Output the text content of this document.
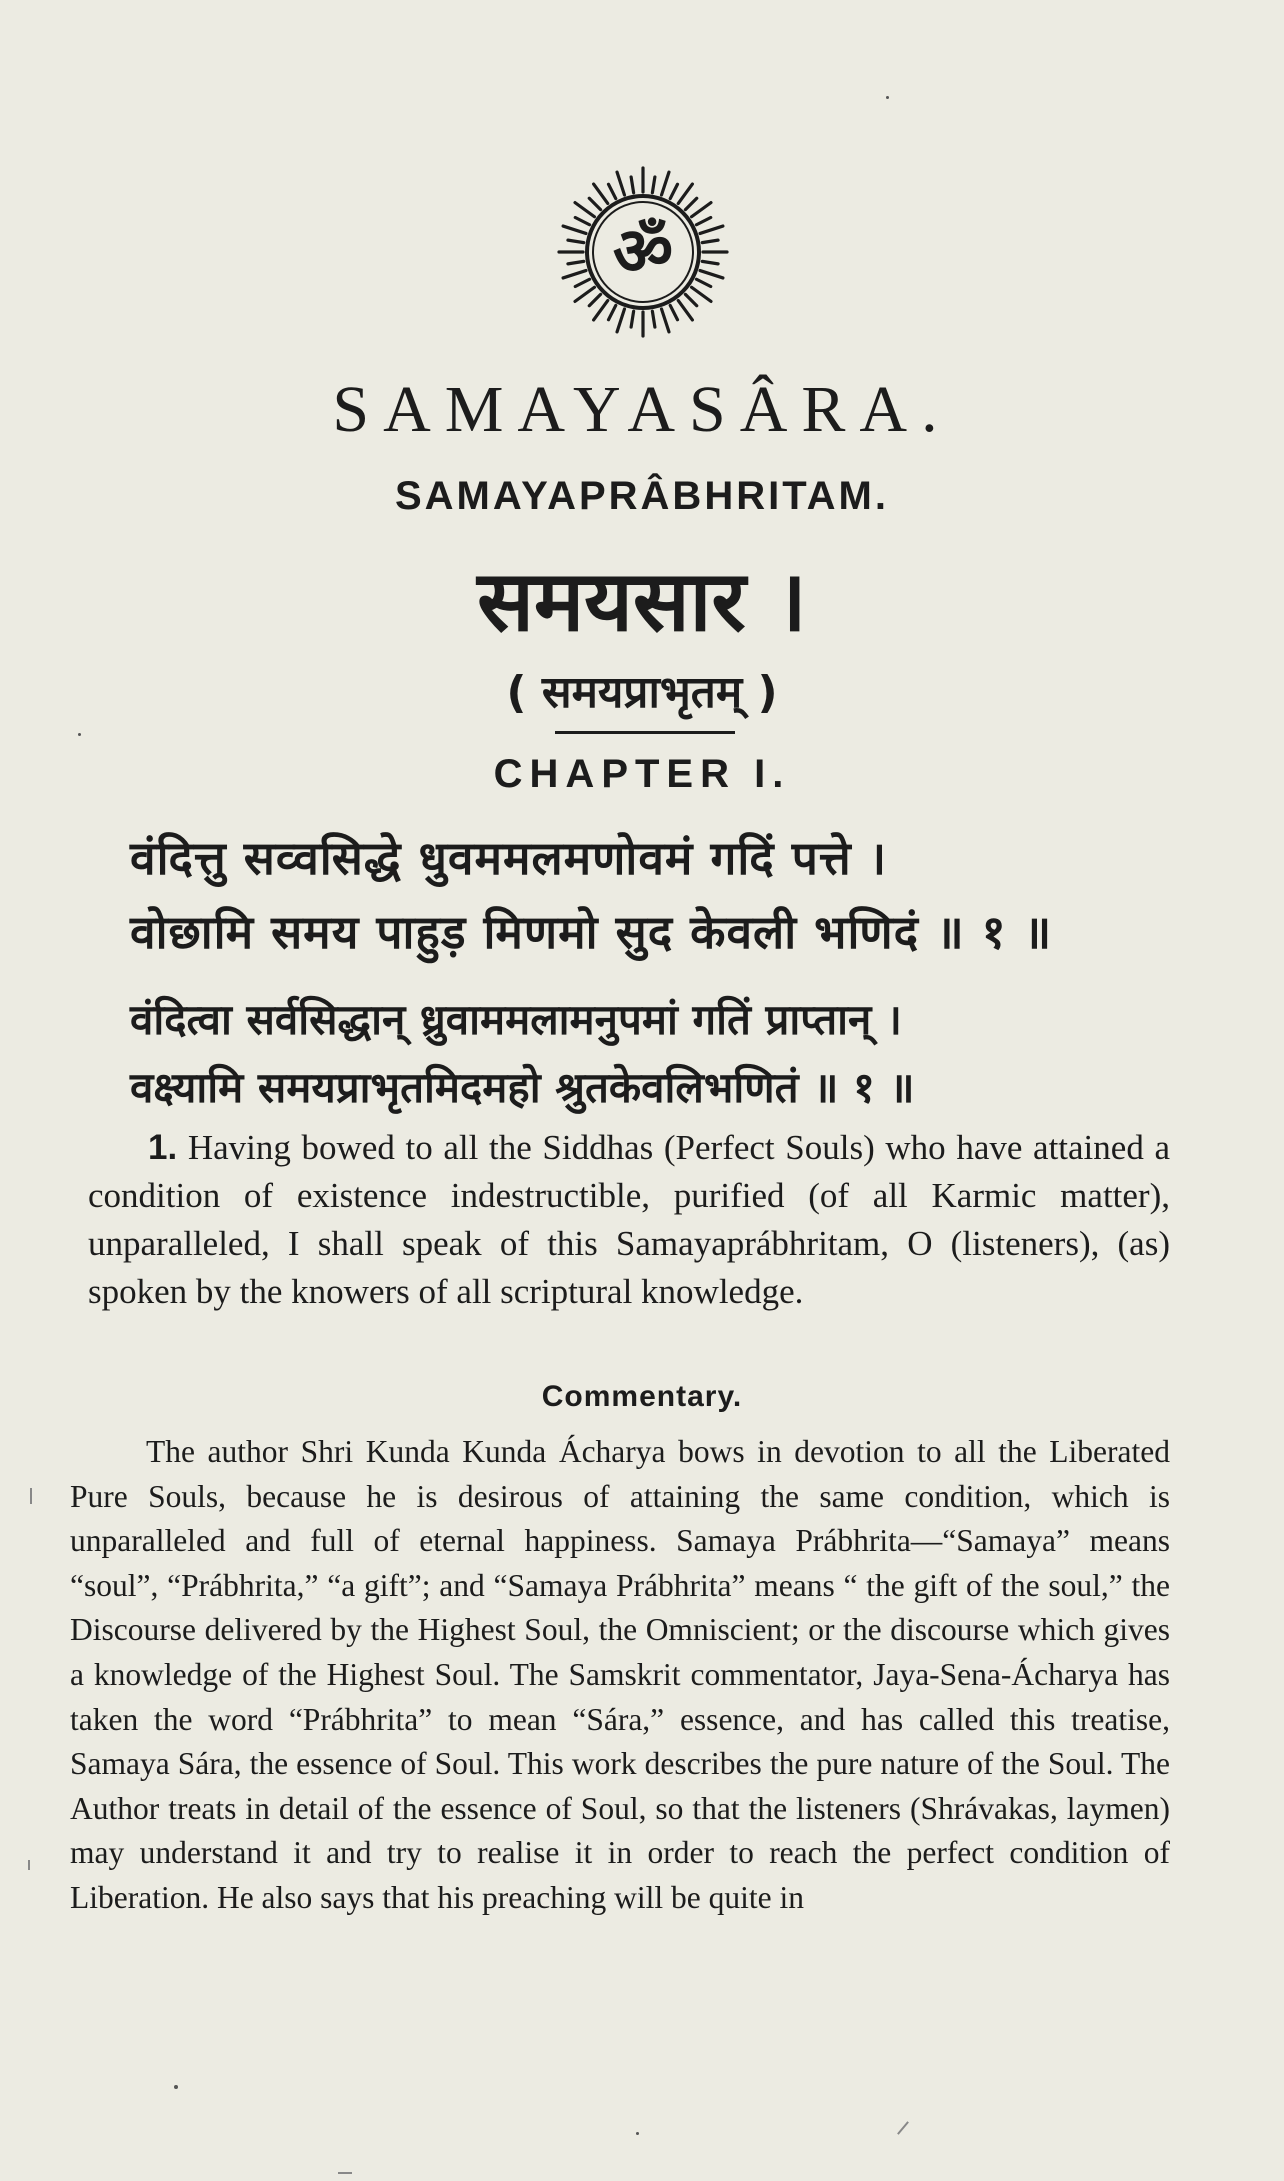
ॐ
SAMAYASÂRA.
SAMAYAPRÂBHRITAM.
समयसार ।
( समयप्राभृतम् )
CHAPTER I.
वंदित्तु सव्वसिद्धे धुवममलमणोवमं गदिं पत्ते ।
वोछामि समय पाहुड़ मिणमो सुद केवली भणिदं ॥ १ ॥
वंदित्वा सर्वसिद्धान् ध्रुवाममलामनुपमां गतिं प्राप्तान् ।
वक्ष्यामि समयप्राभृतमिदमहो श्रुतकेवलिभणितं ॥ १ ॥
1. Having bowed to all the Siddhas (Perfect Souls) who have attained a condition of existence indestructible, purified (of all Karmic matter), unparalleled, I shall speak of this Samayaprábhritam, O (listeners), (as) spoken by the knowers of all scriptural knowledge.
Commentary.
The author Shri Kunda Kunda Ácharya bows in devotion to all the Liberated Pure Souls, because he is desirous of attaining the same condition, which is unparalleled and full of eternal happiness. Samaya Prábhrita—“Samaya” means “soul”, “Prábhrita,” “a gift”; and “Samaya Prábhrita” means “ the gift of the soul,” the Discourse delivered by the Highest Soul, the Omniscient; or the discourse which gives a knowledge of the Highest Soul. The Samskrit commentator, Jaya-Sena-Ácharya has taken the word “Prábhrita” to mean “Sára,” essence, and has called this treatise, Samaya Sára, the essence of Soul. This work describes the pure nature of the Soul. The Author treats in detail of the essence of Soul, so that the listeners (Shrávakas, laymen) may understand it and try to realise it in order to reach the perfect condition of Liberation. He also says that his preaching will be quite in
